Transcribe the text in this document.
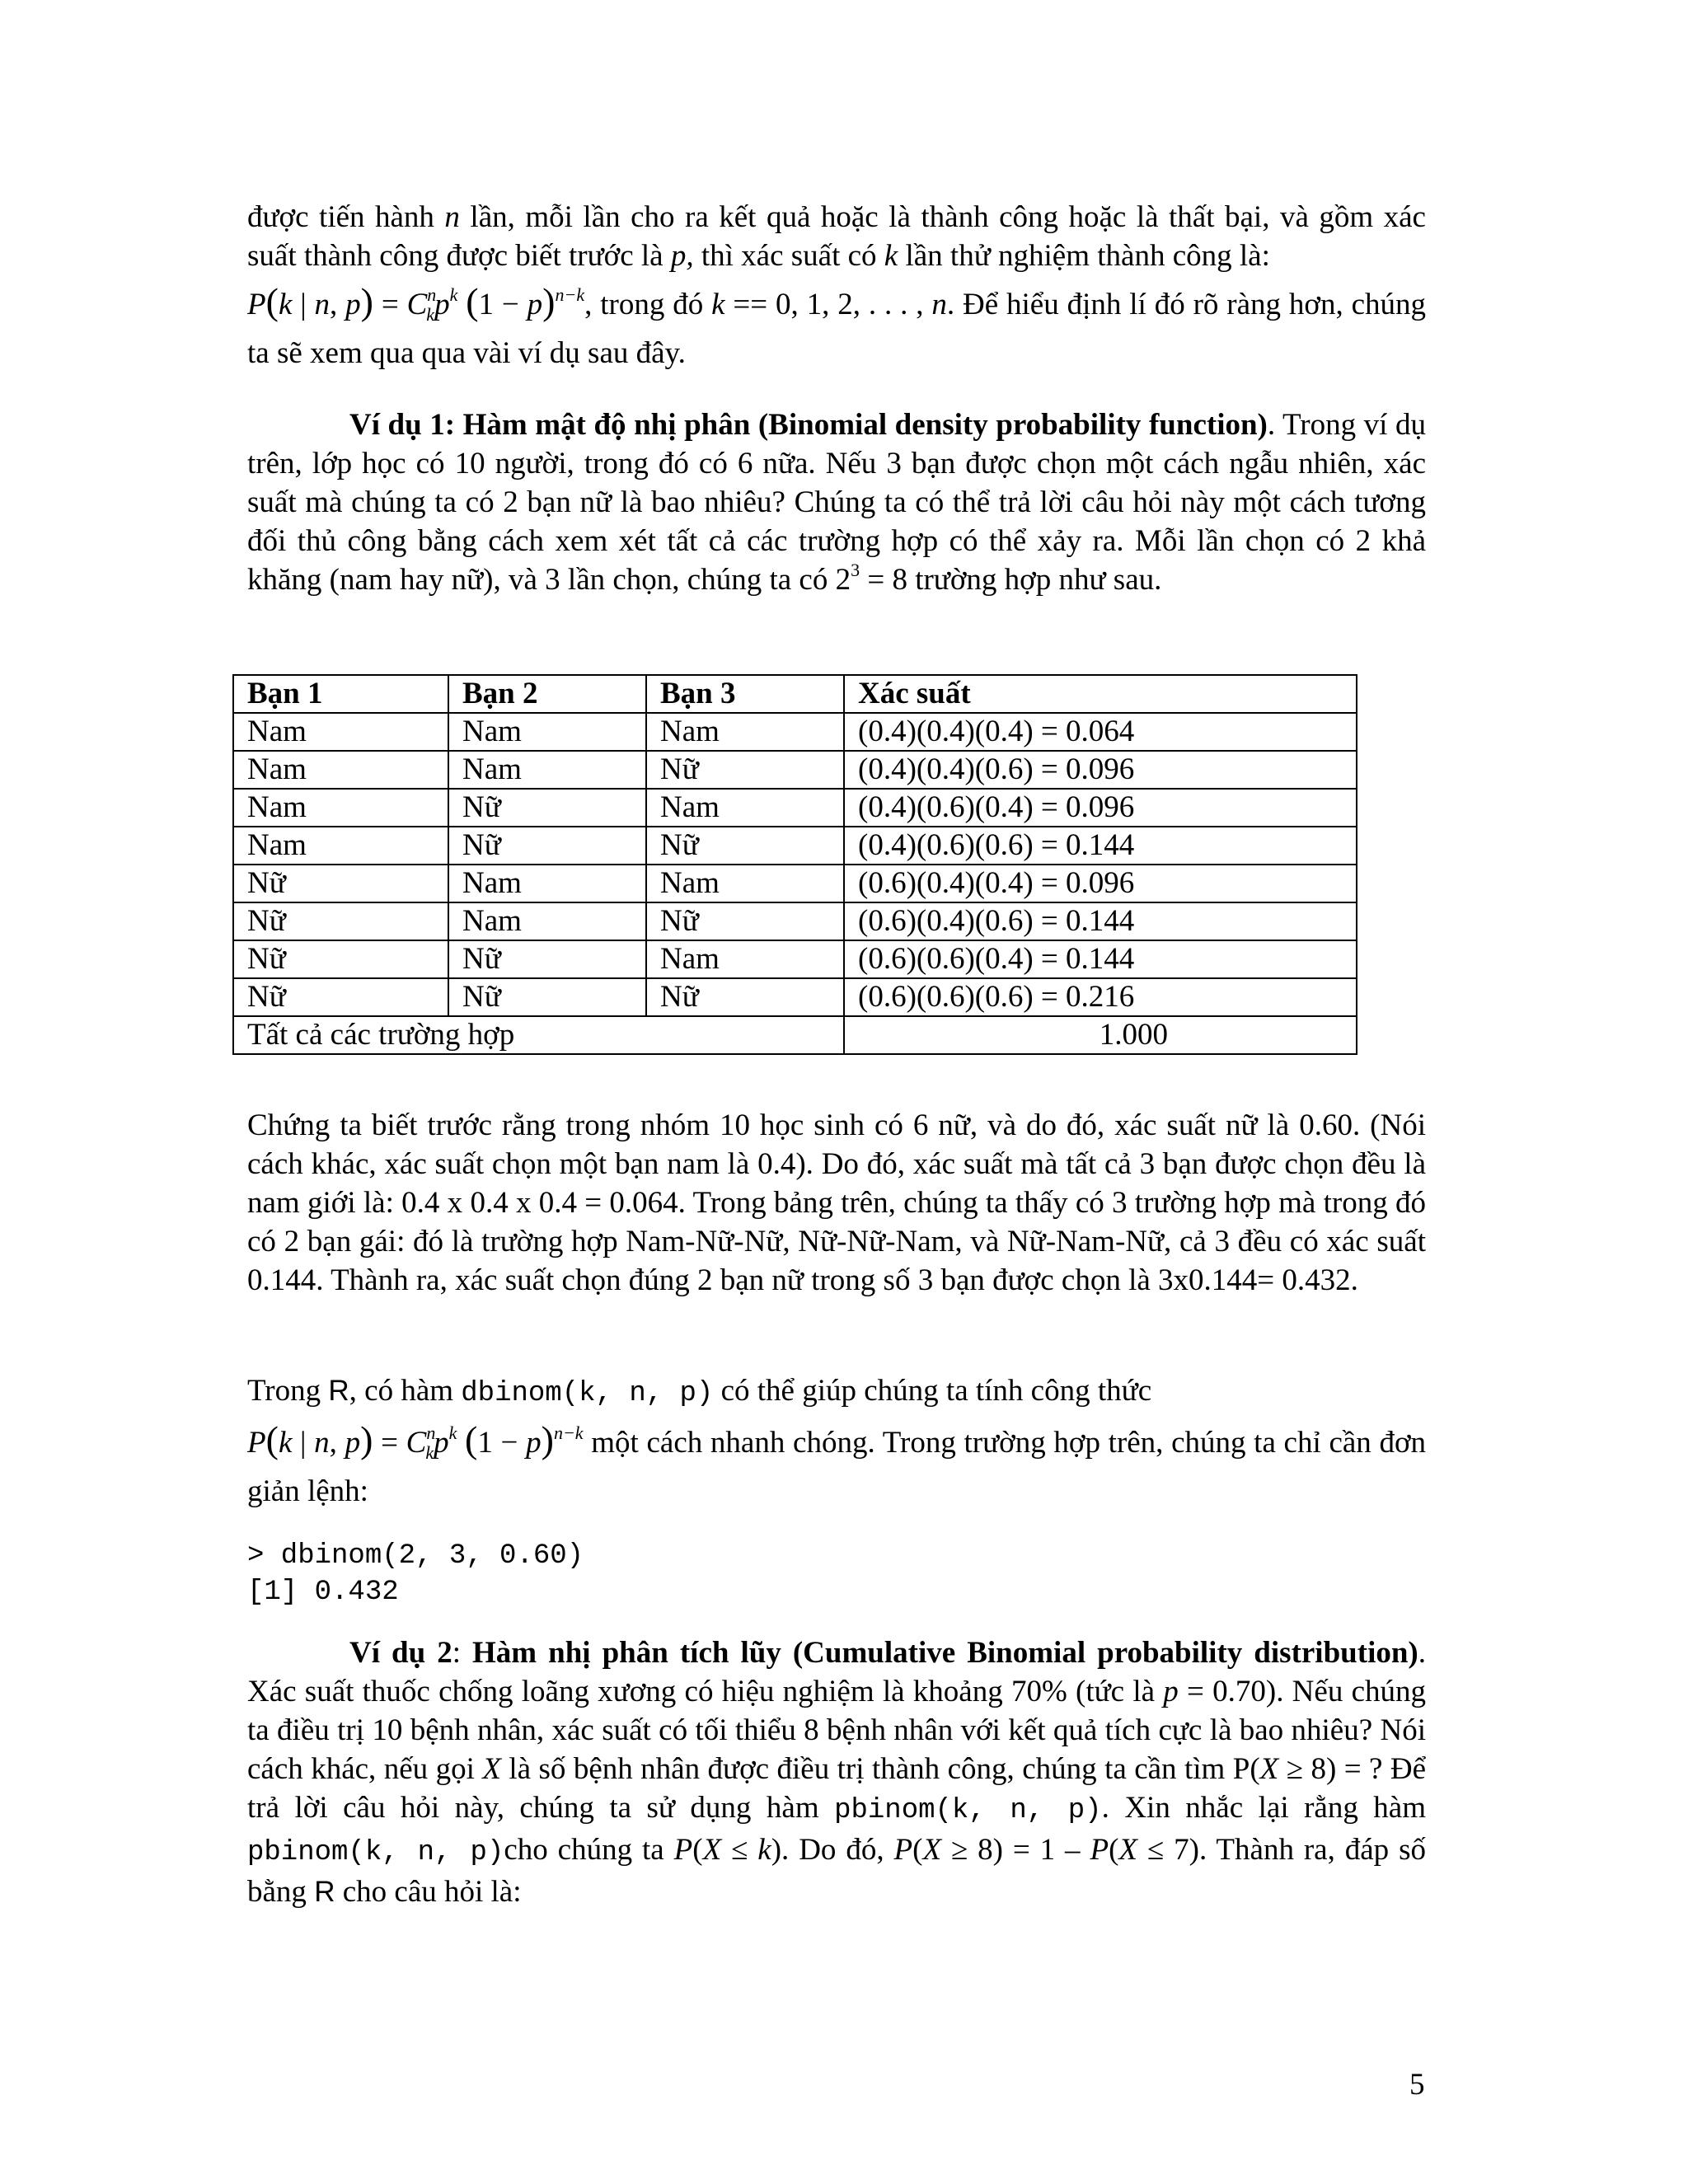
được tiến hành n lần, mỗi lần cho ra kết quả hoặc là thành công hoặc là thất bại, và gồm xác suất thành công được biết trước là p, thì xác suất có k lần thử nghiệm thành công là:
P(k | n, $p) = C^n_kp^k$ $(1 - p)^{n-k}$, trong đó k == 0, 1, 2, . . . , n. Để hiểu định lí đó rõ ràng hơn, chúng ta sẽ xem qua qua vài ví dụ sau đây.
Ví dụ 1: Hàm mật độ nhị phân (Binomial density probability function). Trong ví dụ trên, lớp học có 10 người, trong đó có 6 nữa. Nếu 3 bạn được chọn một cách ngẫu nhiên, xác suất mà chúng ta có 2 bạn nữ là bao nhiêu? Chúng ta có thể trả lời câu hỏi này một cách tương đối thủ công bằng cách xem xét tất cả các trường hợp có thể xảy ra. Mỗi lần chọn có 2 khả khăng (nam hay nữ), và 3 lần chọn, chúng ta có $2^3 = 8$ trường hợp như sau.
Bạn 1	Bạn 2	Bạn 3	Xác suất
Nam	Nam	Nam	(0.4)(0.4)(0.4) = 0.064
Nam	Nam	Nữ	(0.4)(0.4)(0.6) = 0.096
Nam	Nữ	Nam	(0.4)(0.6)(0.4) = 0.096
Nam	Nữ	Nữ	(0.4)(0.6)(0.6) = 0.144
Nữ	Nam	Nam	(0.6)(0.4)(0.4) = 0.096
Nữ	Nam	Nữ	(0.6)(0.4)(0.6) = 0.144
Nữ	Nữ	Nam	(0.6)(0.6)(0.4) = 0.144
Nữ	Nữ	Nữ	(0.6)(0.6)(0.6) = 0.216
Tất cả các trường hợp			1.000
Chứng ta biết trước rằng trong nhóm 10 học sinh có 6 nữ, và do đó, xác suất nữ là 0.60. (Nói cách khác, xác suất chọn một bạn nam là 0.4). Do đó, xác suất mà tất cả 3 bạn được chọn đều là nam giới là: 0.4 x 0.4 x 0.4 = 0.064. Trong bảng trên, chúng ta thấy có 3 trường hợp mà trong đó có 2 bạn gái: đó là trường hợp Nam-Nữ-Nữ, Nữ-Nữ-Nam, và Nữ-Nam-Nữ, cả 3 đều có xác suất 0.144. Thành ra, xác suất chọn đúng 2 bạn nữ trong số 3 bạn được chọn là 3x0.144= 0.432.
Trong R, có hàm dbinom(k, n, p) có thể giúp chúng ta tính công thức
P(k | n, $p) = C^n_kp^k$ $(1 - p)^{n-k}$ một cách nhanh chóng. Trong trường hợp trên, chúng ta chỉ cần đơn giản lệnh:
> dbinom(2, 3, 0.60)
[1] 0.432
Ví dụ 2: Hàm nhị phân tích lũy (Cumulative Binomial probability distribution). Xác suất thuốc chống loãng xương có hiệu nghiệm là khoảng 70% (tức là p = 0.70). Nếu chúng ta điều trị 10 bệnh nhân, xác suất có tối thiểu 8 bệnh nhân với kết quả tích cực là bao nhiêu? Nói cách khác, nếu gọi X là số bệnh nhân được điều trị thành công, chúng ta cần tìm P(X ≥ 8) = ? Để trả lời câu hỏi này, chúng ta sử dụng hàm pbinom(k, n, p). Xin nhắc lại rằng hàm pbinom(k, n, p)cho chúng ta P(X ≤ k). Do đó, P(X ≥ 8) = 1 – P(X ≤ 7). Thành ra, đáp số bằng R cho câu hỏi là:
5
